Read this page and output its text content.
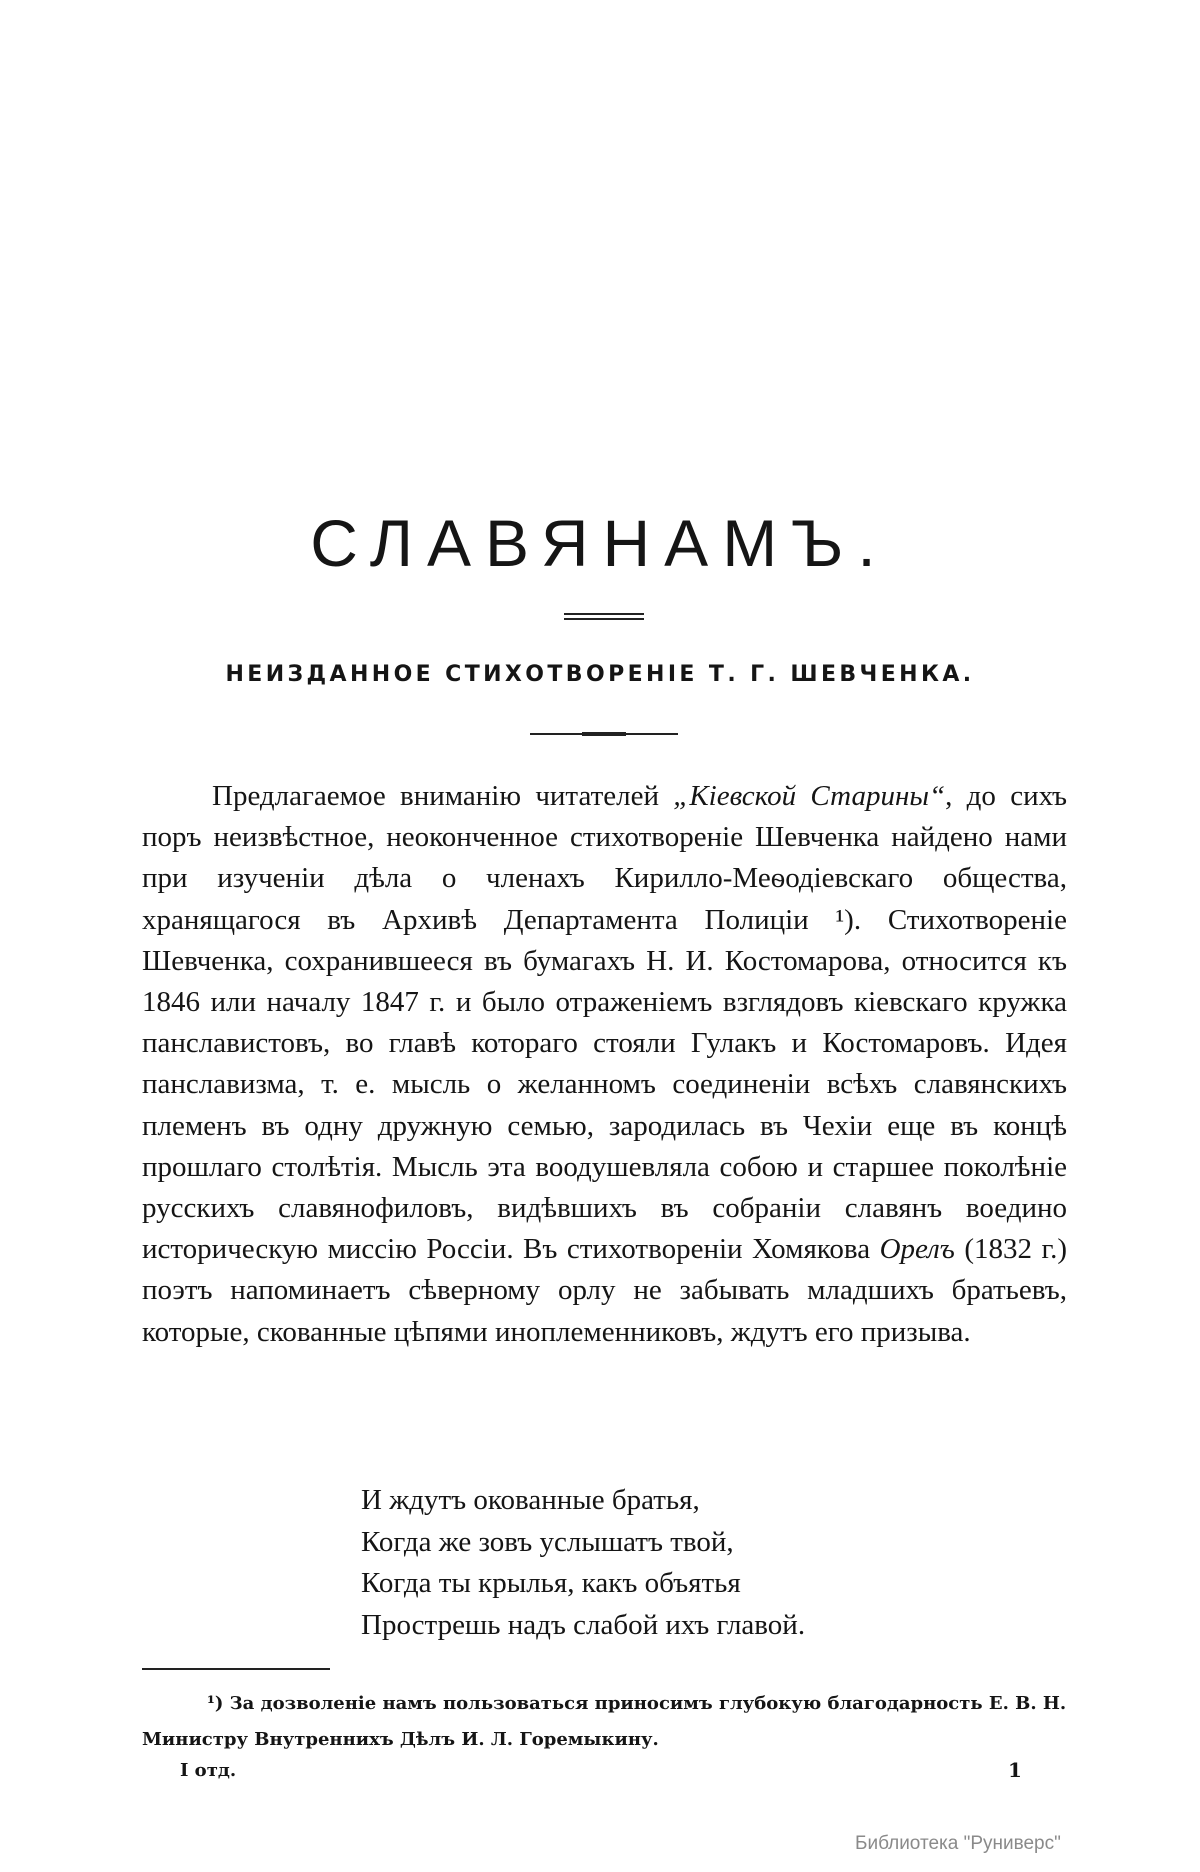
СЛАВЯНАМЪ.
НЕИЗДАННОЕ СТИХОТВОРЕНІЕ Т. Г. ШЕВЧЕНКА.

Предлагаемое вниманію читателей „Кіевской Старины“, до сихъ поръ неизвѣстное, неоконченное стихотвореніе Шевченка найдено нами при изученіи дѣла о членахъ Кирилло-Меѳодіевскаго общества, хранящагося въ Архивѣ Департамента Полиціи ¹). Стихотвореніе Шевченка, сохранившееся въ бумагахъ Н. И. Костомарова, относится къ 1846 или началу 1847 г. и было отраженіемъ взглядовъ кіевскаго кружка панславистовъ, во главѣ котораго стояли Гулакъ и Костомаровъ. Идея панславизма, т. е. мысль о желанномъ соединеніи всѣхъ славянскихъ племенъ въ одну дружную семью, зародилась въ Чехіи еще въ концѣ прошлаго столѣтія. Мысль эта воодушевляла собою и старшее поколѣніе русскихъ славянофиловъ, видѣвшихъ въ собраніи славянъ воедино историческую миссію Россіи. Въ стихотвореніи Хомякова Орелъ (1832 г.) поэтъ напоминаетъ сѣверному орлу не забывать младшихъ братьевъ, которые, скованные цѣпями иноплеменниковъ, ждутъ его призыва.

И ждутъ окованные братья,
Когда же зовъ услышатъ твой,
Когда ты крылья, какъ объятья
Прострешь надъ слабой ихъ главой.
¹) За дозволеніе намъ пользоваться приносимъ глубокую благодарность Е. В. Н.
Министру Внутреннихъ Дѣлъ И. Л. Горемыкину.
I отд.	1
Библиотека "Руниверс"
